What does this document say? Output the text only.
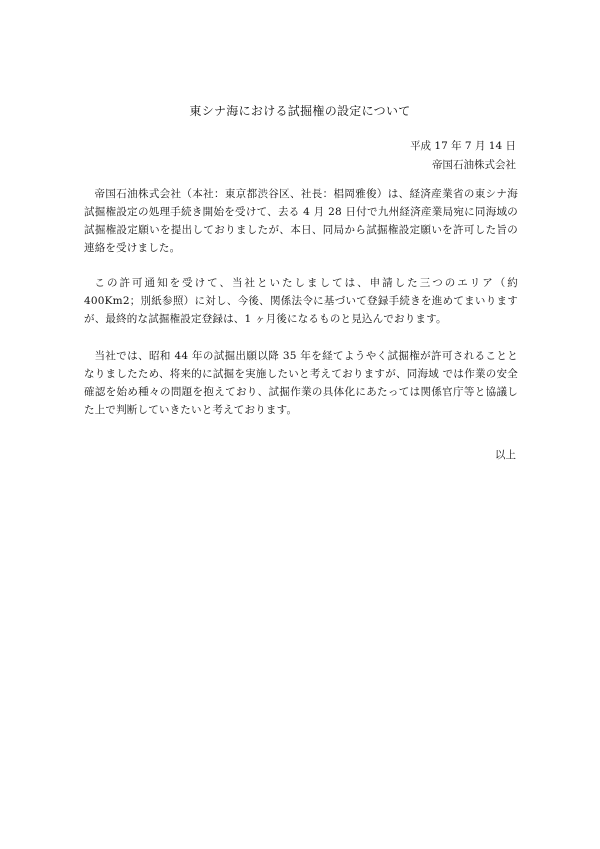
東シナ海における試掘権の設定について
平成 17 年 7 月 14 日
帝国石油株式会社

帝国石油株式会社（本社：東京都渋谷区、社長：椙岡雅俊）は、経済産業省の東シナ海試掘権設定の処理手続き開始を受けて、去る 4 月 28 日付で九州経済産業局宛に同海域の試掘権設定願いを提出しておりましたが、本日、同局から試掘権設定願いを許可した旨の連絡を受けました。

この許可通知を受けて、当社といたしましては、申請した三つのエリア（約 400Km2；別紙参照）に対し、今後、関係法令に基づいて登録手続きを進めてまいりますが、最終的な試掘権設定登録は、1 ヶ月後になるものと見込んでおります。

当社では、昭和 44 年の試掘出願以降 35 年を経てようやく試掘権が許可されることとなりましたため、将来的に試掘を実施したいと考えておりますが、同海域 では作業の安全確認を始め種々の問題を抱えており、試掘作業の具体化にあたっては関係官庁等と協議した上で判断していきたいと考えております。

以上
